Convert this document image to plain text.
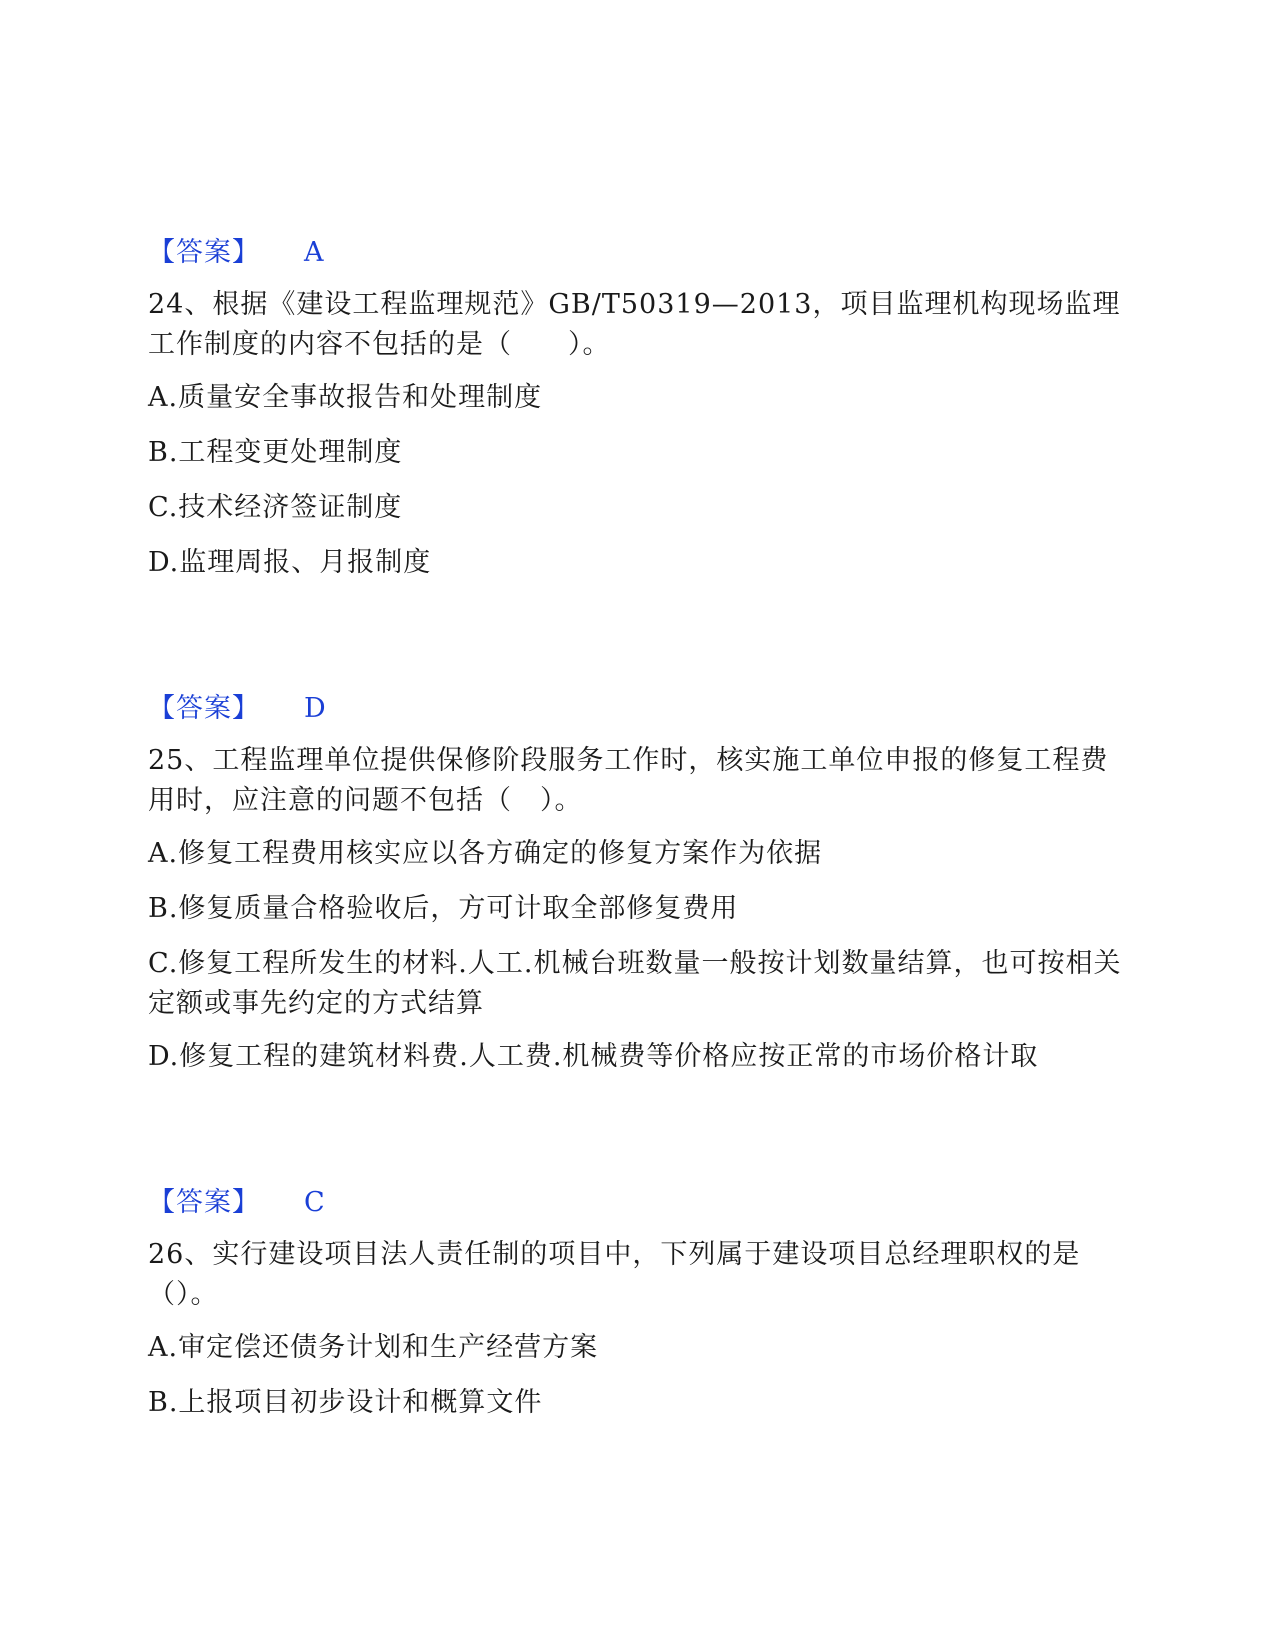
【答案】 A
24、根据《建设工程监理规范》GB/T50319—2013，项目监理机构现场监理工作制度的内容不包括的是（　　）。
A.质量安全事故报告和处理制度
B.工程变更处理制度
C.技术经济签证制度
D.监理周报、月报制度
【答案】 D
25、工程监理单位提供保修阶段服务工作时，核实施工单位申报的修复工程费用时，应注意的问题不包括（　）。
A.修复工程费用核实应以各方确定的修复方案作为依据
B.修复质量合格验收后，方可计取全部修复费用
C.修复工程所发生的材料.人工.机械台班数量一般按计划数量结算，也可按相关定额或事先约定的方式结算
D.修复工程的建筑材料费.人工费.机械费等价格应按正常的市场价格计取
【答案】 C
26、实行建设项目法人责任制的项目中，下列属于建设项目总经理职权的是（）。
A.审定偿还债务计划和生产经营方案
B.上报项目初步设计和概算文件
